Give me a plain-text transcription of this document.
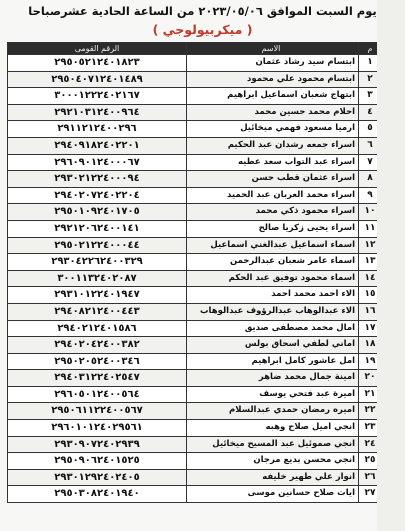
يوم السبت الموافق ٢٠٢٣/٠٥/٠٦ من الساعة الحادية عشرصباحا
( ميكربيولوجي )
م	الاسم	الرقم القومى
١	ابتسام سيد رشاد عثمان	٢٩٥٠٥٢١٢٤٠١٨٢٣
٢	ابتسام محمود علي محمود	٢٩٥٠٤٠٧١٢٤٠١٤٨٩
٣	ابتهاج شعبان اسماعيل ابراهيم	٣٠٠٠١٢٢٢٤٠٢١٦٧
٤	احلام محمد حسين محمد	٢٩٢١٠٣١٢٤٠٠٩٦٤
٥	ارميا مسعود فهمي ميخائيل	٢٩١١٢١٢٤٠٠٢٩٦
٦	اسراء جمعه رشدان عبد الحكيم	٢٩٤٠٩١٨٢٤٠٢٢٠١
٧	اسراء عبد التواب سعد عطيه	٢٩٦٠٩٠١٢٤٠٠٠٦٧
٨	اسراء عثمان قطب حسن	٢٩٣٠٢١٢٢٤٠٠٠٩٤
٩	اسراء محمد العربان عبد الحميد	٢٩٤٠٢٠٧٢٤٠٢٢٠٤
١٠	اسراء محمود ذكي محمد	٢٩٥٠١٠٩٢٤٠١٧٠٥
١١	اسراء يحيى زكريا صالح	٢٩٢١٢٠٦٢٤٠٠١٤١
١٢	اسماء اسماعيل عبدالغني اسماعيل	٢٩٥٠٢١٢٢٤٠٠٠٤٤
١٣	اسماء عامر شعبان عبدالرحمن	٢٩٣٠٤٢٢٦٢٤٠٠٣٢٩
١٤	اسماء محمود توفيق عبد الحكم	٣٠٠١١٣٢٤٠٢٠٨٧
١٥	الاء احمد محمد احمد	٢٩٣١٠١٢٢٤٠١٩٤٧
١٦	الاء عبدالوهاب عبدالرؤوف عبدالوهاب	٢٩٤٠٨٢١٢٤٠٠٤٤٣
١٧	امال محمد مصطفى صديق	٢٩٤٠٢١٢٤٠١٥٨٦
١٨	اماني لطفي اسحاق بولس	٢٩٤٠٢٠٤٢٤٠٠٣٨٢
١٩	امل عاشور كامل ابراهيم	٢٩٥٠٢٠٥٢٤٠٠٣٤٦
٢٠	امينة جمال محمد ضاهر	٢٩٤٠٣١٢٢٤٠٢٥٤٧
٢١	اميرة عبد فتحي يوسف	٢٩٦٠٥٠١٢٤٠٠٥٦٤
٢٢	اميره رمضان حمدي عبدالسلام	٢٩٥٠٦١١٢٢٤٠٠٥٦٧
٢٣	انجي اميل صلاح وهبه	٢٩٦٠١٠١٢٤٠٢٩٥٦١
٢٤	انجي صموئيل عبد المسيح ميخائيل	٢٩٣٠٩٠٧٢٤٠٢٩٣٩
٢٥	انجي محسن بديع مرجان	٢٩٥٠٩٠٦٢٤٠١٥٢٥
٢٦	انوار علي طهير خليفه	٢٩٣٠١٢٩٢٤٠٢٤٠٥
٢٧	ايات صلاح حسانين موسى	٢٩٥٠٣٠٨٢٤٠١٩٤٠
